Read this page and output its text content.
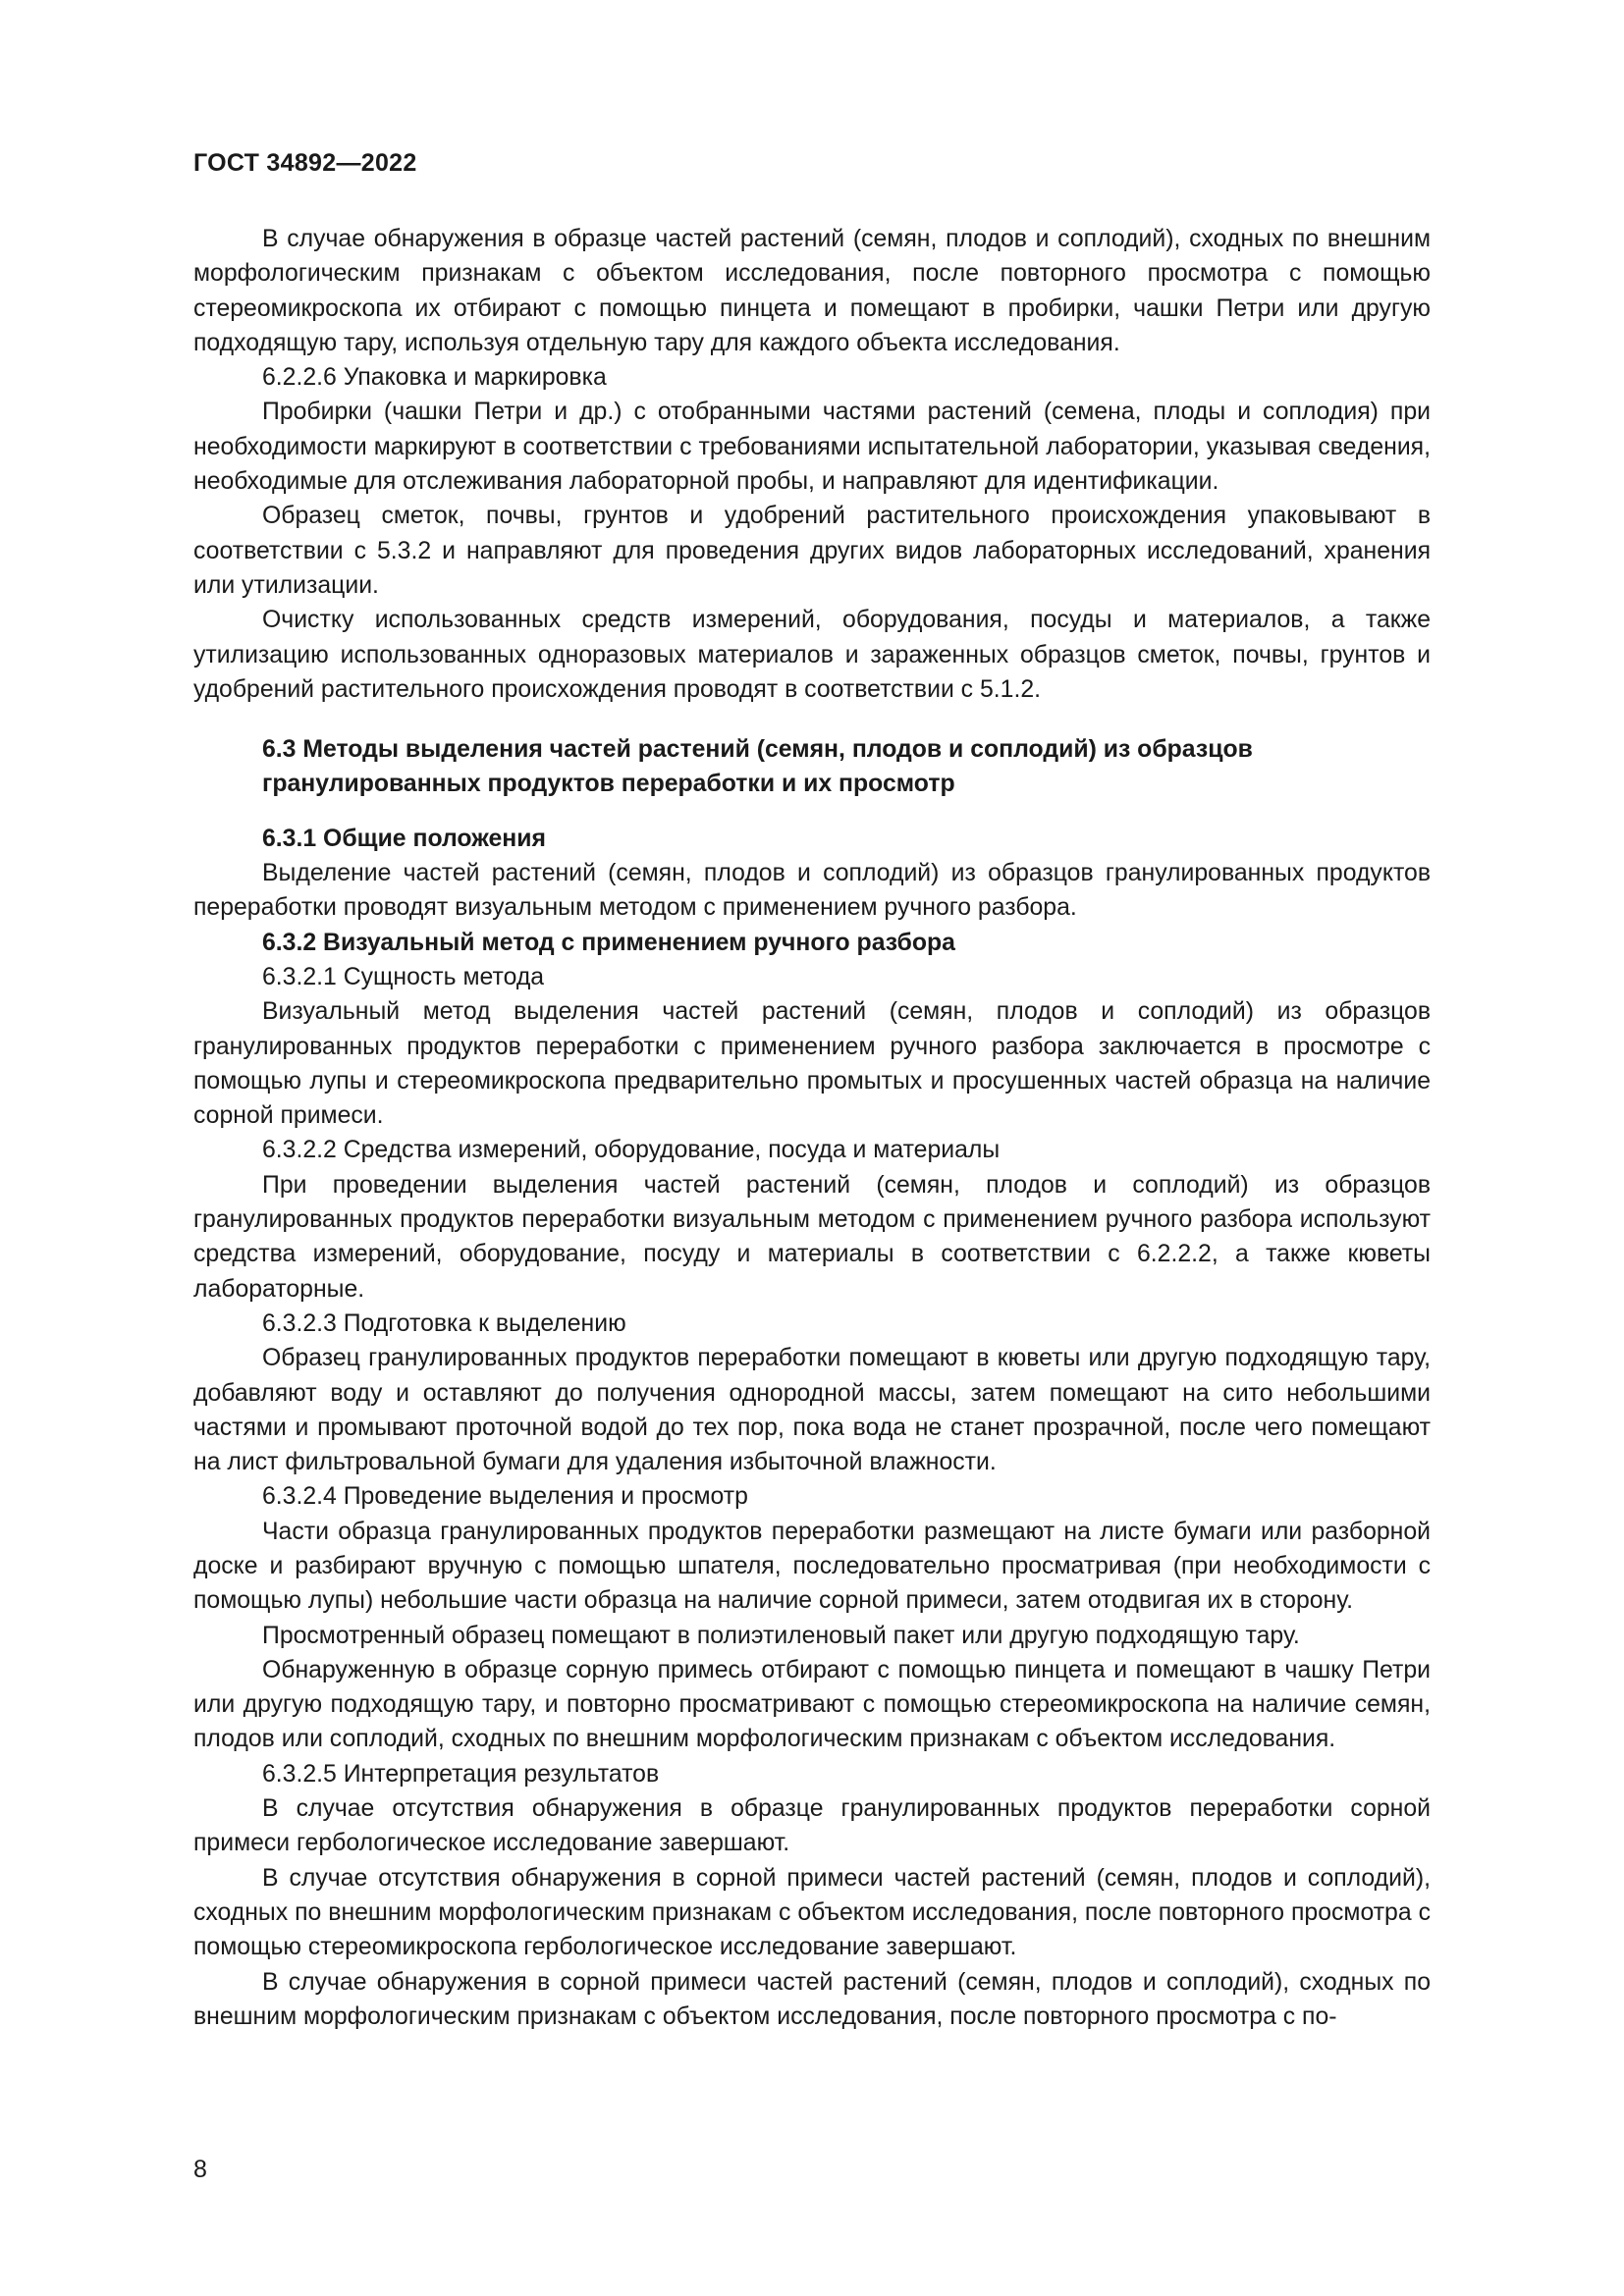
ГОСТ 34892—2022

В случае обнаружения в образце частей растений (семян, плодов и соплодий), сходных по внешним морфологическим признакам с объектом исследования, после повторного просмотра с помощью стереомикроскопа их отбирают с помощью пинцета и помещают в пробирки, чашки Петри или другую подходящую тару, используя отдельную тару для каждого объекта исследования.

6.2.2.6 Упаковка и маркировка

Пробирки (чашки Петри и др.) с отобранными частями растений (семена, плоды и соплодия) при необходимости маркируют в соответствии с требованиями испытательной лаборатории, указывая сведения, необходимые для отслеживания лабораторной пробы, и направляют для идентификации.

Образец сметок, почвы, грунтов и удобрений растительного происхождения упаковывают в соответствии с 5.3.2 и направляют для проведения других видов лабораторных исследований, хранения или утилизации.

Очистку использованных средств измерений, оборудования, посуды и материалов, а также утилизацию использованных одноразовых материалов и зараженных образцов сметок, почвы, грунтов и удобрений растительного происхождения проводят в соответствии с 5.1.2.

6.3 Методы выделения частей растений (семян, плодов и соплодий) из образцов гранулированных продуктов переработки и их просмотр

6.3.1 Общие положения

Выделение частей растений (семян, плодов и соплодий) из образцов гранулированных продуктов переработки проводят визуальным методом с применением ручного разбора.

6.3.2 Визуальный метод с применением ручного разбора

6.3.2.1 Сущность метода

Визуальный метод выделения частей растений (семян, плодов и соплодий) из образцов гранулированных продуктов переработки с применением ручного разбора заключается в просмотре с помощью лупы и стереомикроскопа предварительно промытых и просушенных частей образца на наличие сорной примеси.

6.3.2.2 Средства измерений, оборудование, посуда и материалы

При проведении выделения частей растений (семян, плодов и соплодий) из образцов гранулированных продуктов переработки визуальным методом с применением ручного разбора используют средства измерений, оборудование, посуду и материалы в соответствии с 6.2.2.2, а также кюветы лабораторные.

6.3.2.3 Подготовка к выделению

Образец гранулированных продуктов переработки помещают в кюветы или другую подходящую тару, добавляют воду и оставляют до получения однородной массы, затем помещают на сито небольшими частями и промывают проточной водой до тех пор, пока вода не станет прозрачной, после чего помещают на лист фильтровальной бумаги для удаления избыточной влажности.

6.3.2.4 Проведение выделения и просмотр

Части образца гранулированных продуктов переработки размещают на листе бумаги или разборной доске и разбирают вручную с помощью шпателя, последовательно просматривая (при необходимости с помощью лупы) небольшие части образца на наличие сорной примеси, затем отодвигая их в сторону.

Просмотренный образец помещают в полиэтиленовый пакет или другую подходящую тару.

Обнаруженную в образце сорную примесь отбирают с помощью пинцета и помещают в чашку Петри или другую подходящую тару, и повторно просматривают с помощью стереомикроскопа на наличие семян, плодов или соплодий, сходных по внешним морфологическим признакам с объектом исследования.

6.3.2.5 Интерпретация результатов

В случае отсутствия обнаружения в образце гранулированных продуктов переработки сорной примеси гербологическое исследование завершают.

В случае отсутствия обнаружения в сорной примеси частей растений (семян, плодов и соплодий), сходных по внешним морфологическим признакам с объектом исследования, после повторного просмотра с помощью стереомикроскопа гербологическое исследование завершают.

В случае обнаружения в сорной примеси частей растений (семян, плодов и соплодий), сходных по внешним морфологическим признакам с объектом исследования, после повторного просмотра с по-

8
